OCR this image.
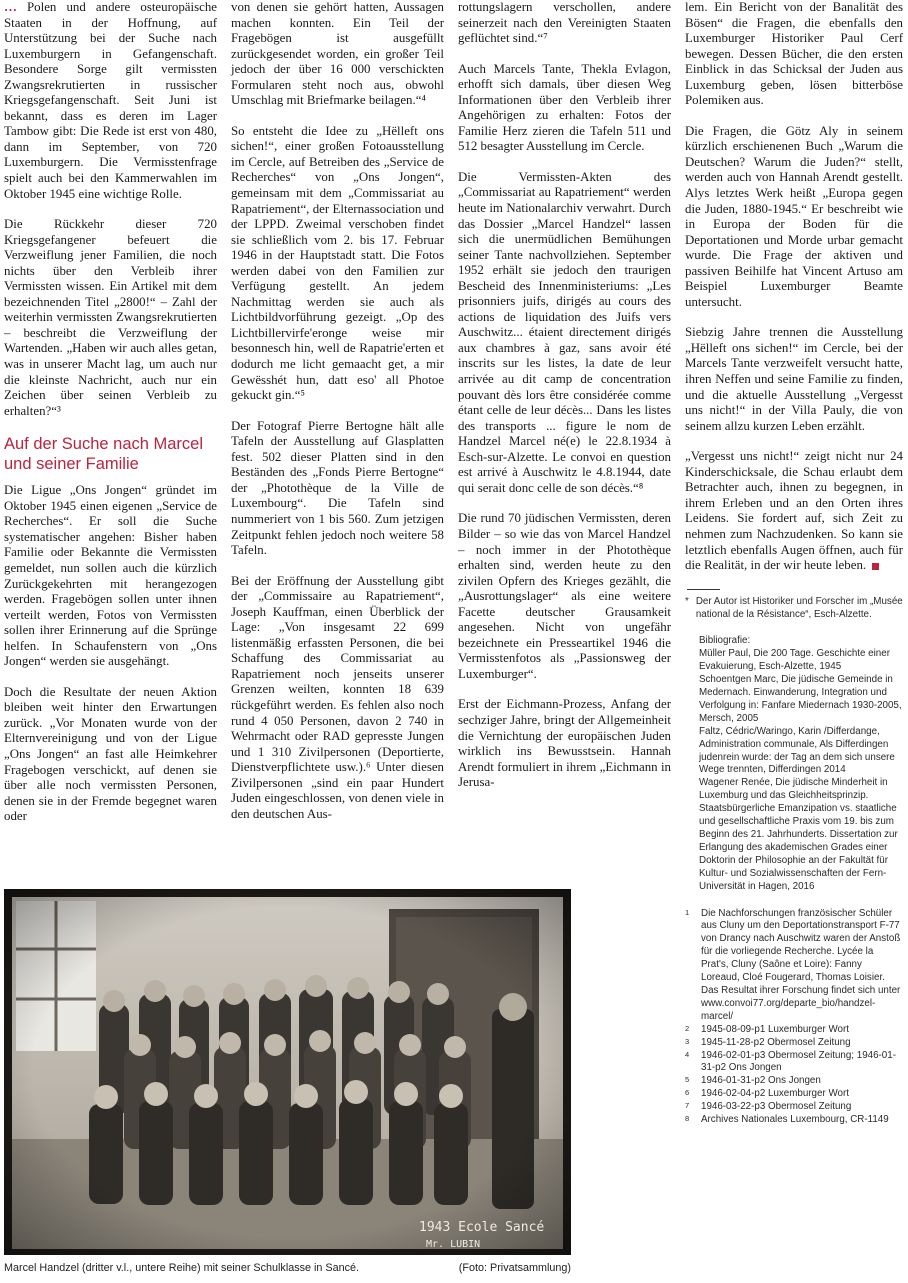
… Polen und andere osteuropäische Staaten in der Hoffnung, auf Unterstützung bei der Suche nach Luxemburgern in Gefangenschaft. Besondere Sorge gilt vermissten Zwangsrekrutierten in russischer Kriegsgefangenschaft. Seit Juni ist bekannt, dass es deren im Lager Tambow gibt: Die Rede ist erst von 480, dann im September, von 720 Luxemburgern. Die Vermisstenfrage spielt auch bei den Kammerwahlen im Oktober 1945 eine wichtige Rolle.

Die Rückkehr dieser 720 Kriegsgefangener befeuert die Verzweiflung jener Familien, die noch nichts über den Verbleib ihrer Vermissten wissen. Ein Artikel mit dem bezeichnenden Titel „2800!“ – Zahl der weiterhin vermissten Zwangsrekrutierten – beschreibt die Verzweiflung der Wartenden. „Haben wir auch alles getan, was in unserer Macht lag, um auch nur die kleinste Nachricht, auch nur ein Zeichen über seinen Verbleib zu erhalten?“³

Auf der Suche nach Marcel und seiner Familie

Die Ligue „Ons Jongen“ gründet im Oktober 1945 einen eigenen „Service de Recherches“. Er soll die Suche systematischer angehen: Bisher haben Familie oder Bekannte die Vermissten gemeldet, nun sollen auch die kürzlich Zurückgekehrten mit herangezogen werden. Fragebögen sollen unter ihnen verteilt werden, Fotos von Vermissten sollen ihrer Erinnerung auf die Sprünge helfen. In Schaufenstern von „Ons Jongen“ werden sie ausgehängt.

Doch die Resultate der neuen Aktion bleiben weit hinter den Erwartungen zurück. „Vor Monaten wurde von der Elternvereinigung und von der Ligue „Ons Jongen“ an fast alle Heimkehrer Fragebogen verschickt, auf denen sie über alle noch vermissten Personen, denen sie in der Fremde begegnet waren oder

von denen sie gehört hatten, Aussagen machen konnten. Ein Teil der Fragebögen ist ausgefüllt zurückgesendet worden, ein großer Teil jedoch der über 16 000 verschickten Formularen steht noch aus, obwohl Umschlag mit Briefmarke beilagen.“⁴

So entsteht die Idee zu „Hëlleft ons sichen!“, einer großen Fotoausstellung im Cercle, auf Betreiben des „Service de Recherches“ von „Ons Jongen“, gemeinsam mit dem „Commissariat au Rapatriement“, der Elternassociation und der LPPD. Zweimal verschoben findet sie schließlich vom 2. bis 17. Februar 1946 in der Hauptstadt statt. Die Fotos werden dabei von den Familien zur Verfügung gestellt. An jedem Nachmittag werden sie auch als Lichtbildvorführung gezeigt. „Op des Lichtbillervirfe'eronge weise mir besonnesch hin, well de Rapatrie'erten et dodurch me licht gemaacht get, a mir Gewësshét hun, datt eso' all Photoe gekuckt gin.“⁵

Der Fotograf Pierre Bertogne hält alle Tafeln der Ausstellung auf Glasplatten fest. 502 dieser Platten sind in den Beständen des „Fonds Pierre Bertogne“ der „Photothèque de la Ville de Luxembourg“. Die Tafeln sind nummeriert von 1 bis 560. Zum jetzigen Zeitpunkt fehlen jedoch noch weitere 58 Tafeln.

Bei der Eröffnung der Ausstellung gibt der „Commissaire au Rapatriement“, Joseph Kauffman, einen Überblick der Lage: „Von insgesamt 22 699 listenmäßig erfassten Personen, die bei Schaffung des Commissariat au Rapatriement noch jenseits unserer Grenzen weilten, konnten 18 639 rückgeführt werden. Es fehlen also noch rund 4 050 Personen, davon 2 740 in Wehrmacht oder RAD gepresste Jungen und 1 310 Zivilpersonen (Deportierte, Dienstverpflichtete usw.).⁶ Unter diesen Zivilpersonen „sind ein paar Hundert Juden eingeschlossen, von denen viele in den deutschen Aus-

rottungslagern verschollen, andere seinerzeit nach den Vereinigten Staaten geflüchtet sind.“⁷

Auch Marcels Tante, Thekla Evlagon, erhofft sich damals, über diesen Weg Informationen über den Verbleib ihrer Angehörigen zu erhalten: Fotos der Familie Herz zieren die Tafeln 511 und 512 besagter Ausstellung im Cercle.

Die Vermissten-Akten des „Commissariat au Rapatriement“ werden heute im Nationalarchiv verwahrt. Durch das Dossier „Marcel Handzel“ lassen sich die unermüdlichen Bemühungen seiner Tante nachvollziehen. September 1952 erhält sie jedoch den traurigen Bescheid des Innenministeriums: „Les prisonniers juifs, dirigés au cours des actions de liquidation des Juifs vers Auschwitz... étaient directement dirigés aux chambres à gaz, sans avoir été inscrits sur les listes, la date de leur arrivée au dit camp de concentration pouvant dès lors être considérée comme étant celle de leur décès... Dans les listes des transports ... figure le nom de Handzel Marcel né(e) le 22.8.1934 à Esch-sur-Alzette. Le convoi en question est arrivé à Auschwitz le 4.8.1944, date qui serait donc celle de son décès.“⁸

Die rund 70 jüdischen Vermissten, deren Bilder – so wie das von Marcel Handzel – noch immer in der Photothèque erhalten sind, werden heute zu den zivilen Opfern des Krieges gezählt, die „Ausrottungslager“ als eine weitere Facette deutscher Grausamkeit angesehen. Nicht von ungefähr bezeichnete ein Presseartikel 1946 die Vermisstenfotos als „Passionsweg der Luxemburger“.

Erst der Eichmann-Prozess, Anfang der sechziger Jahre, bringt der Allgemeinheit die Vernichtung der europäischen Juden wirklich ins Bewusstsein. Hannah Arendt formuliert in ihrem „Eichmann in Jerusa-

lem. Ein Bericht von der Banalität des Bösen“ die Fragen, die ebenfalls den Luxemburger Historiker Paul Cerf bewegen. Dessen Bücher, die den ersten Einblick in das Schicksal der Juden aus Luxemburg geben, lösen bitterböse Polemiken aus.

Die Fragen, die Götz Aly in seinem kürzlich erschienenen Buch „Warum die Deutschen? Warum die Juden?“ stellt, werden auch von Hannah Arendt gestellt. Alys letztes Werk heißt „Europa gegen die Juden, 1880-1945.“ Er beschreibt wie in Europa der Boden für die Deportationen und Morde urbar gemacht wurde. Die Frage der aktiven und passiven Beihilfe hat Vincent Artuso am Beispiel Luxemburger Beamte untersucht.

Siebzig Jahre trennen die Ausstellung „Hëlleft ons sichen!“ im Cercle, bei der Marcels Tante verzweifelt versucht hatte, ihren Neffen und seine Familie zu finden, und die aktuelle Ausstellung „Vergesst uns nicht!“ in der Villa Pauly, die von seinem allzu kurzen Leben erzählt.

„Vergesst uns nicht!“ zeigt nicht nur 24 Kinderschicksale, die Schau erlaubt dem Betrachter auch, ihnen zu begegnen, in ihrem Erleben und an den Orten ihres Leidens. Sie fordert auf, sich Zeit zu nehmen zum Nachzudenken. So kann sie letztlich ebenfalls Augen öffnen, auch für die Realität, in der wir heute leben.

* Der Autor ist Historiker und Forscher im „Musée national de la Résistance“, Esch-Alzette.
Bibliografie:
Müller Paul, Die 200 Tage. Geschichte einer Evakuierung, Esch-Alzette, 1945
Schoentgen Marc, Die jüdische Gemeinde in Medernach. Einwanderung, Integration und Verfolgung in: Fanfare Miedernach 1930-2005, Mersch, 2005
Faltz, Cédric/Waringo, Karin /Differdange, Administration communale, Als Differdingen judenrein wurde: der Tag an dem sich unsere Wege trennten, Differdingen 2014
Wagener Renée, Die jüdische Minderheit in Luxemburg und das Gleichheitsprinzip. Staatsbürgerliche Emanzipation vs. staatliche und gesellschaftliche Praxis vom 19. bis zum Beginn des 21. Jahrhunderts. Dissertation zur Erlangung des akademischen Grades einer Doktorin der Philosophie an der Fakultät für Kultur- und Sozialwissenschaften der Fern-Universität in Hagen, 2016
1	Die Nachforschungen französischer Schüler aus Cluny um den Deportationstransport F-77 von Drancy nach Auschwitz waren der Anstoß für die vorliegende Recherche. Lycée la Prat's, Cluny (Saône et Loire): Fanny Loreaud, Cloé Fougerard, Thomas Loisier. Das Resultat ihrer Forschung findet sich unter www.convoi77.org/departe_bio/handzel-marcel/
2	1945-08-09-p1 Luxemburger Wort
3	1945-11-28-p2 Obermosel Zeitung
4	1946-02-01-p3 Obermosel Zeitung; 1946-01-31-p2 Ons Jongen
5	1946-01-31-p2 Ons Jongen
6	1946-02-04-p2 Luxemburger Wort
7	1946-03-22-p3 Obermosel Zeitung
8	Archives Nationales Luxembourg, CR-1149
1943 Ecole Sancé
Mr. LUBIN
Marcel Handzel (dritter v.l., untere Reihe) mit seiner Schulklasse in Sancé.	(Foto: Privatsammlung)
